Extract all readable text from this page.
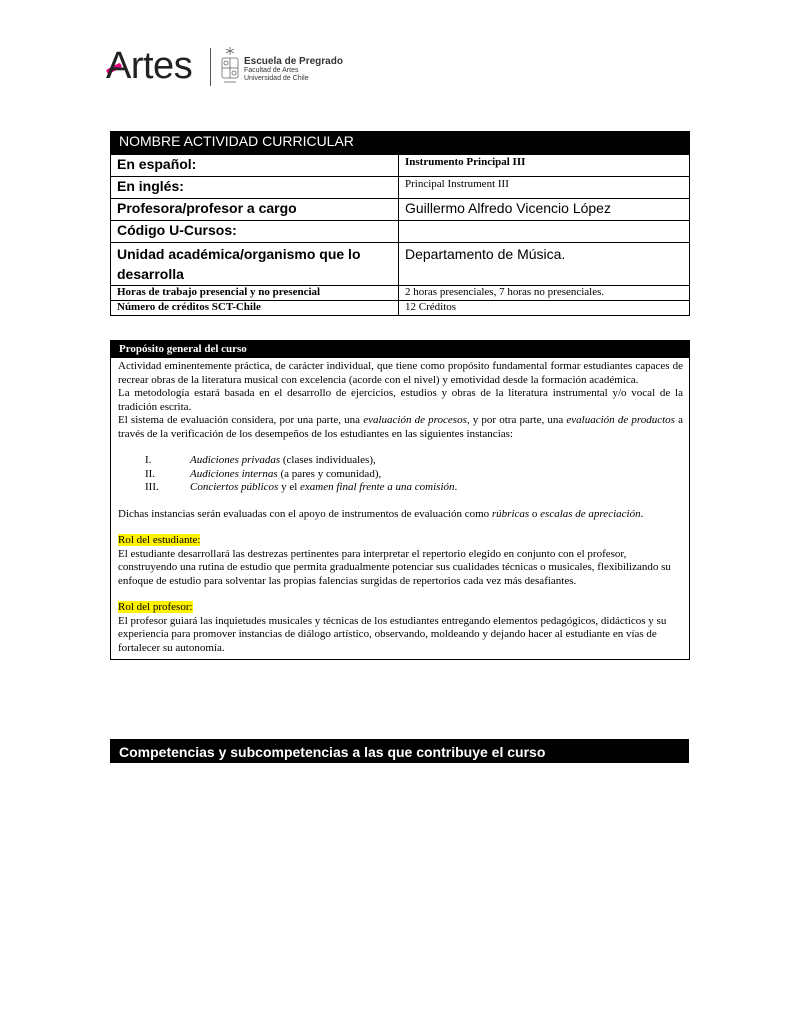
Artes	Escuela de Pregrado
Facultad de Artes
Universidad de Chile
NOMBRE ACTIVIDAD CURRICULAR	
En español:	Instrumento Principal III
En inglés:	Principal Instrument III
Profesora/profesor a cargo	Guillermo Alfredo Vicencio López
Código U-Cursos:	
Unidad académica/organismo que lo desarrolla	Departamento de Música.
Horas de trabajo presencial y no presencial	2 horas presenciales, 7 horas no presenciales.
Número de créditos SCT-Chile	12 Créditos
Propósito general del curso

Actividad eminentemente práctica, de carácter individual, que tiene como propósito fundamental formar estudiantes capaces de recrear obras de la literatura musical con excelencia (acorde con el nivel) y emotividad desde la formación académica.

La metodología estará basada en el desarrollo de ejercicios, estudios y obras de la literatura instrumental y/o vocal de la tradición escrita.

El sistema de evaluación considera, por una parte, una evaluación de procesos, y por otra parte, una evaluación de productos a través de la verificación de los desempeños de los estudiantes en las siguientes instancias:

I.	Audiciones privadas (clases individuales),
II.	Audiciones internas (a pares y comunidad),
III.	Conciertos públicos y el examen final frente a una comisión.

Dichas instancias serán evaluadas con el apoyo de instrumentos de evaluación como rúbricas o escalas de apreciación.

Rol del estudiante:

El estudiante desarrollará las destrezas pertinentes para interpretar el repertorio elegido en conjunto con el profesor, construyendo una rutina de estudio que permita gradualmente potenciar sus cualidades técnicas o musicales, flexibilizando su enfoque de estudio para solventar las propias falencias surgidas de repertorios cada vez más desafiantes.

Rol del profesor:

El profesor guiará las inquietudes musicales y técnicas de los estudiantes entregando elementos pedagógicos, didácticos y su experiencia para promover instancias de diálogo artístico, observando, moldeando y dejando hacer al estudiante en vías de fortalecer su autonomía.

Competencias y subcompetencias a las que contribuye el curso
